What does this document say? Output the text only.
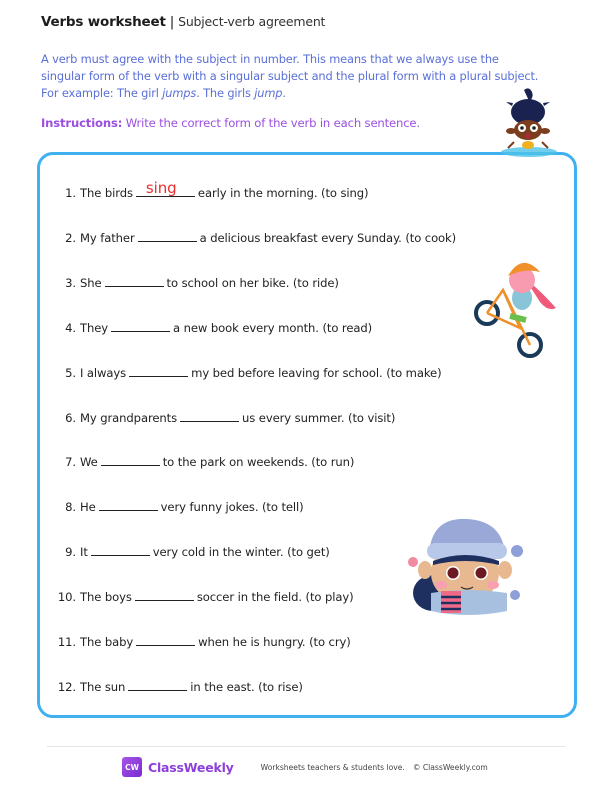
Verbs worksheet | Subject-verb agreement
A verb must agree with the subject in number. This means that we always use the
singular form of the verb with a singular subject and the plural form with a plural subject.
For example: The girl jumps. The girls jump.
Instructions: Write the correct form of the verb in each sentence.
1. The birds sing early in the morning. (to sing)
2. My father	a delicious breakfast every Sunday. (to cook)
3. She	to school on her bike. (to ride)
4. They	a new book every month. (to read)
5. I always	my bed before leaving for school. (to make)
6. My grandparents	us every summer. (to visit)
7. We	to the park on weekends. (to run)
8. He	very funny jokes. (to tell)
9. It	very cold in the winter. (to get)
10. The boys	soccer in the field. (to play)
11. The baby	when he is hungry. (to cry)
12. The sun	in the east. (to rise)
CW ClassWeekly	Worksheets teachers & students love. © ClassWeekly.com
